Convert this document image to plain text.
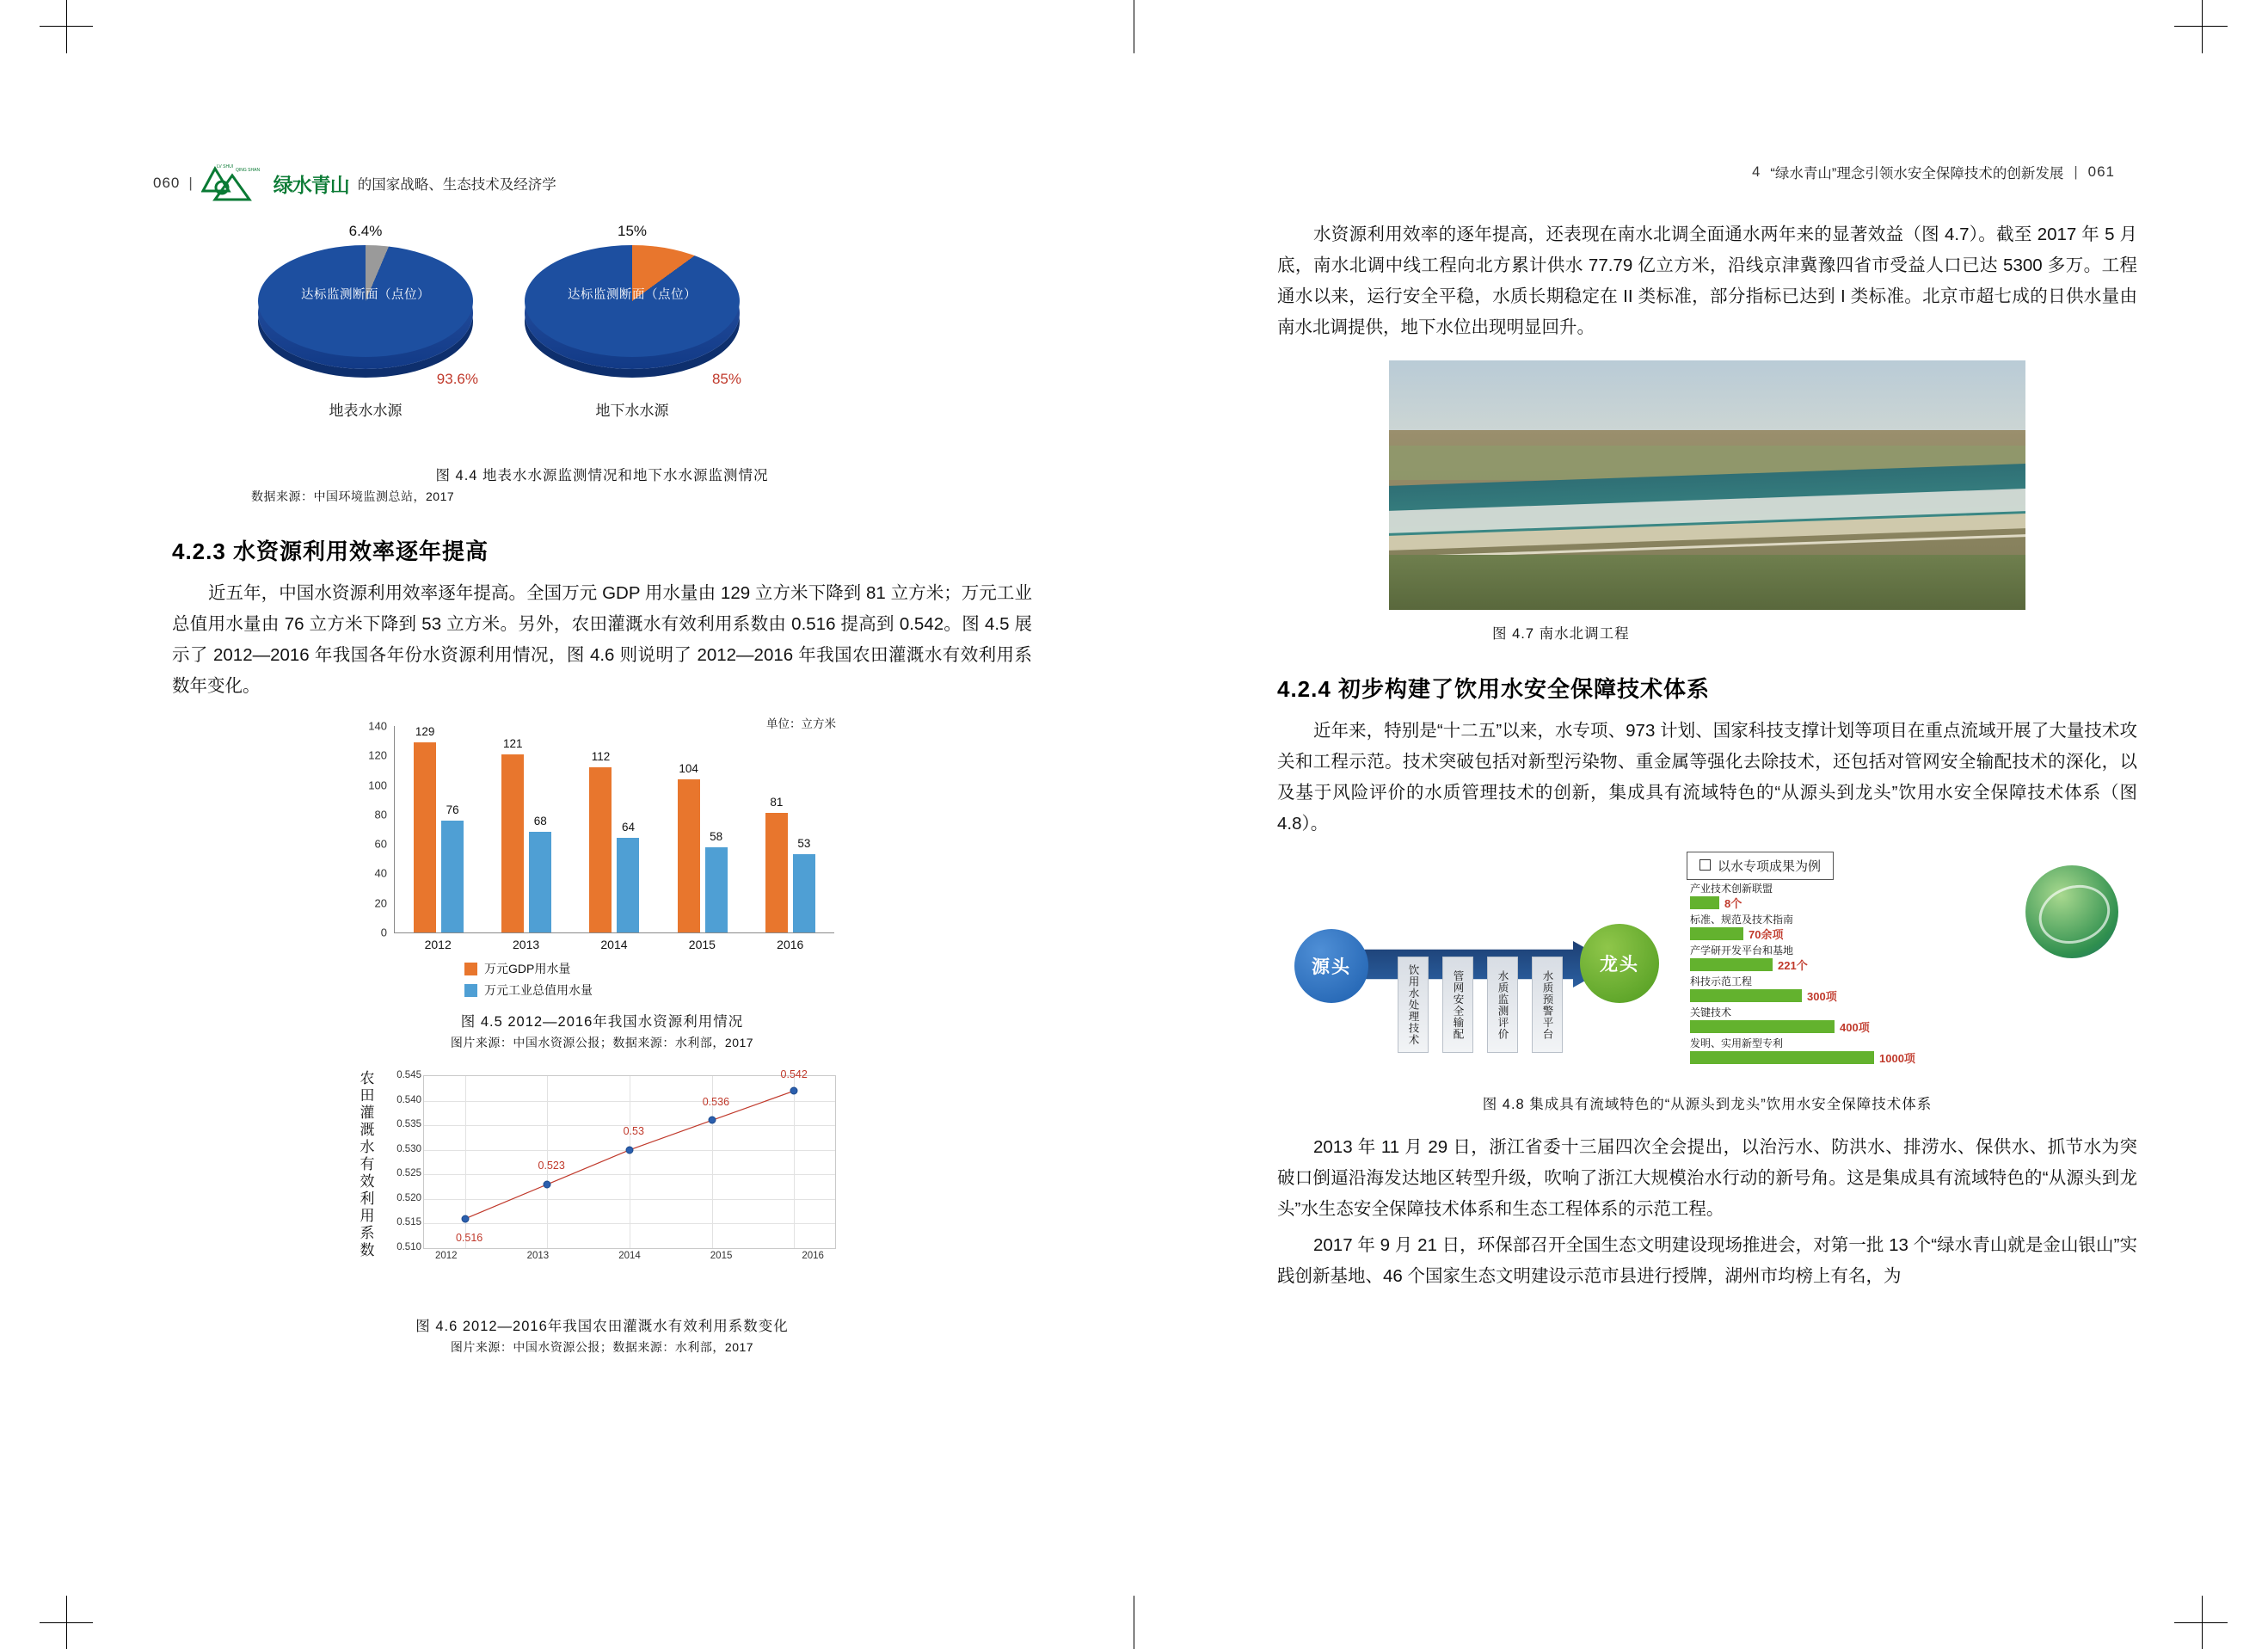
060 |
LV SHUI
QING SHAN
绿水青山 的国家战略、生态技术及经济学
4 “绿水青山”理念引领水安全保障技术的创新发展 | 061
6.4%
达标监测断面（点位）
93.6%
地表水水源
15%
达标监测断面（点位）
85%
地下水水源
图 4.4 地表水水源监测情况和地下水水源监测情况
数据来源：中国环境监测总站，2017
4.2.3 水资源利用效率逐年提高

近五年，中国水资源利用效率逐年提高。全国万元 GDP 用水量由 129 立方米下降到 81 立方米；万元工业总值用水量由 76 立方米下降到 53 立方米。另外，农田灌溉水有效利用系数由 0.516 提高到 0.542。图 4.5 展示了 2012—2016 年我国各年份水资源利用情况，图 4.6 则说明了 2012—2016 年我国农田灌溉水有效利用系数年变化。

单位：立方米
140
120
100
80
60
40
20
0
129
76
121
68
112
64
104
58
81
53
2012	2013	2014	2015	2016
万元GDP用水量
万元工业总值用水量
图 4.5 2012—2016年我国水资源利用情况
图片来源：中国水资源公报；数据来源：水利部，2017
农田灌溉水有效利用系数
0.545
0.540
0.535
0.530
0.525
0.520
0.515
0.510
0.516
0.523
0.53
0.536
0.542
2012	2013	2014	2015	2016
图 4.6 2012—2016年我国农田灌溉水有效利用系数变化
图片来源：中国水资源公报；数据来源：水利部，2017

水资源利用效率的逐年提高，还表现在南水北调全面通水两年来的显著效益（图 4.7）。截至 2017 年 5 月底，南水北调中线工程向北方累计供水 77.79 亿立方米，沿线京津冀豫四省市受益人口已达 5300 多万。工程通水以来，运行安全平稳，水质长期稳定在 II 类标准，部分指标已达到 I 类标准。北京市超七成的日供水量由南水北调提供，地下水位出现明显回升。

图 4.7 南水北调工程
4.2.4 初步构建了饮用水安全保障技术体系

近年来，特别是“十二五”以来，水专项、973 计划、国家科技支撑计划等项目在重点流域开展了大量技术攻关和工程示范。技术突破包括对新型污染物、重金属等强化去除技术，还包括对管网安全输配技术的深化，以及基于风险评价的水质管理技术的创新，集成具有流域特色的“从源头到龙头”饮用水安全保障技术体系（图 4.8）。

以水专项成果为例
源头	龙头
饮用水处理技术	管网安全输配	水质监测评价	水质预警平台
产业技术创新联盟
8个
标准、规范及技术指南
70余项
产学研开发平台和基地
221个
科技示范工程
300项
关键技术
400项
发明、实用新型专利
1000项
图 4.8 集成具有流域特色的“从源头到龙头”饮用水安全保障技术体系

2013 年 11 月 29 日，浙江省委十三届四次全会提出，以治污水、防洪水、排涝水、保供水、抓节水为突破口倒逼沿海发达地区转型升级，吹响了浙江大规模治水行动的新号角。这是集成具有流域特色的“从源头到龙头”水生态安全保障技术体系和生态工程体系的示范工程。

2017 年 9 月 21 日，环保部召开全国生态文明建设现场推进会，对第一批 13 个“绿水青山就是金山银山”实践创新基地、46 个国家生态文明建设示范市县进行授牌，湖州市均榜上有名，为
